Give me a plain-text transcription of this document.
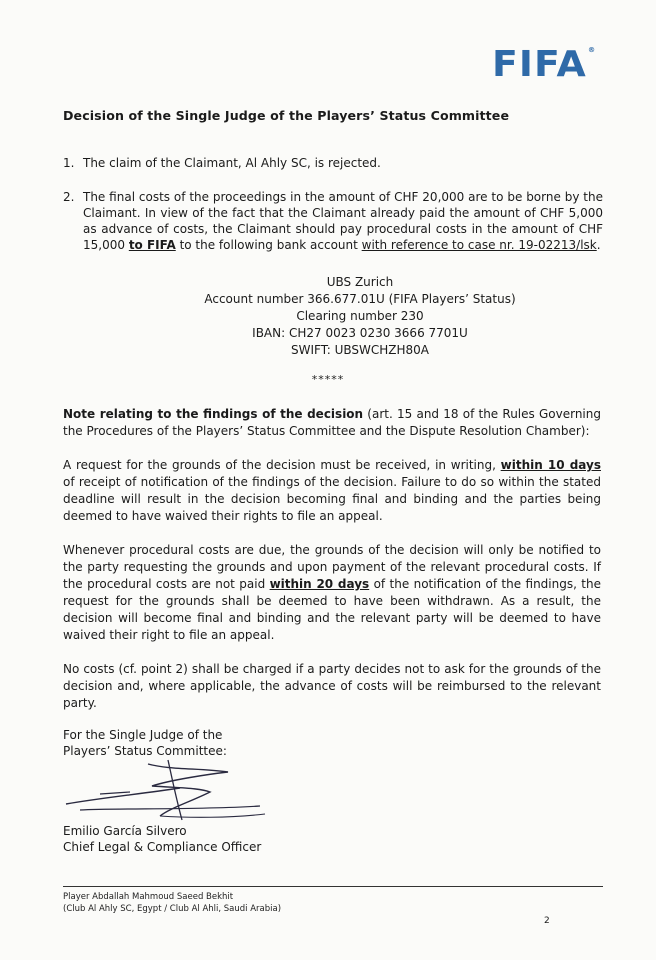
FIFA®
Decision of the Single Judge of the Players’ Status Committee
1. The claim of the Claimant, Al Ahly SC, is rejected.
2. The final costs of the proceedings in the amount of CHF 20,000 are to be borne by the Claimant. In view of the fact that the Claimant already paid the amount of CHF 5,000 as advance of costs, the Claimant should pay procedural costs in the amount of CHF 15,000 to FIFA to the following bank account with reference to case nr. 19-02213/lsk.
UBS Zurich
Account number 366.677.01U (FIFA Players’ Status)
Clearing number 230
IBAN: CH27 0023 0230 3666 7701U
SWIFT: UBSWCHZH80A
*****
Note relating to the findings of the decision (art. 15 and 18 of the Rules Governing the Procedures of the Players’ Status Committee and the Dispute Resolution Chamber):
A request for the grounds of the decision must be received, in writing, within 10 days of receipt of notification of the findings of the decision. Failure to do so within the stated deadline will result in the decision becoming final and binding and the parties being deemed to have waived their rights to file an appeal.
Whenever procedural costs are due, the grounds of the decision will only be notified to the party requesting the grounds and upon payment of the relevant procedural costs. If the procedural costs are not paid within 20 days of the notification of the findings, the request for the grounds shall be deemed to have been withdrawn. As a result, the decision will become final and binding and the relevant party will be deemed to have waived their right to file an appeal.
No costs (cf. point 2) shall be charged if a party decides not to ask for the grounds of the decision and, where applicable, the advance of costs will be reimbursed to the relevant party.
For the Single Judge of the
Players’ Status Committee:
Emilio García Silvero
Chief Legal & Compliance Officer
Player Abdallah Mahmoud Saeed Bekhit
(Club Al Ahly SC, Egypt / Club Al Ahli, Saudi Arabia)
2
